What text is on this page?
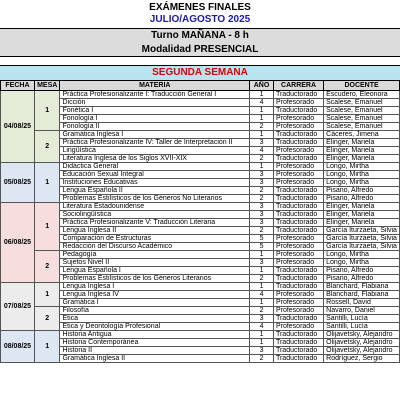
EXÁMENES FINALES
JULIO/AGOSTO 2025
Turno MAÑANA - 8 h
Modalidad PRESENCIAL
SEGUNDA SEMANA
FECHA	MESA	MATERIA	AÑO	CARRERA	DOCENTE
04/08/25	1	Práctica Profesionalizante I: Traducción General I	1	Traductorado	Escudero, Eleonora
		Dicción	4	Profesorado	Scalese, Emanuel
		Fonética I	1	Traductorado	Scalese, Emanuel
		Fonología I	1	Profesorado	Scalese, Emanuel
		Fonología II	2	Profesorado	Scalese, Emanuel
	2	Gramática Inglesa I	1	Traductorado	Cáceres, Jimena
		Práctica Profesionalizante IV: Taller de Interpretación II	3	Traductorado	Elinger, Mariela
		Lingüística	4	Profesorado	Elinger, Mariela
		Literatura Inglesa de los Siglos XVII-XIX	2	Traductorado	Elinger, Mariela
05/08/25	1	Didáctica General	1	Profesorado	Longo, Mirtha
		Educación Sexual Integral	3	Profesorado	Longo, Mirtha
		Instituciones Educativas	3	Profesorado	Longo, Mirtha
		Lengua Española II	2	Traductorado	Pisano, Alfredo
		Problemas Estilísticos de los Géneros No Literarios	2	Traductorado	Pisano, Alfredo
06/08/25	1	Literatura Estadounidense	3	Traductorado	Elinger, Mariela
		Sociolingüística	3	Traductorado	Elinger, Mariela
		Práctica Profesionalizante V: Traducción Literaria	3	Traductorado	Elinger, Mariela
		Lengua Inglesa II	2	Traductorado	García Iturzaeta, Silvia
		Comparación de Estructuras	5	Profesorado	García Iturzaeta, Silvia
		Redacción del Discurso Académico	5	Profesorado	García Iturzaeta, Silvia
	2	Pedagogía	1	Profesorado	Longo, Mirtha
		Sujetos Nivel II	3	Profesorado	Longo, Mirtha
		Lengua Española I	1	Traductorado	Pisano, Alfredo
		Problemas Estilísticos de los Géneros Literarios	2	Traductorado	Pisano, Alfredo
07/08/25	1	Lengua Inglesa I	1	Traductorado	Blanchard, Flabiana
		Lengua Inglesa IV	4	Profesorado	Blanchard, Flabiana
		Gramática I	1	Profesorado	Rossell, David
	2	Filosofía	2	Profesorado	Navarro, Daniel
		Ética	3	Traductorado	Santilli, Lucía
		Ética y Deontología Profesional	4	Profesorado	Santilli, Lucía
08/08/25	1	Historia Antigua	1	Traductorado	Olijavetsky, Alejandro
		Historia Contemporánea	1	Traductorado	Olijavetsky, Alejandro
		Historia II	3	Traductorado	Olijavetsky, Alejandro
		Gramática Inglesa II	2	Traductorado	Rodríguez, Sergio
